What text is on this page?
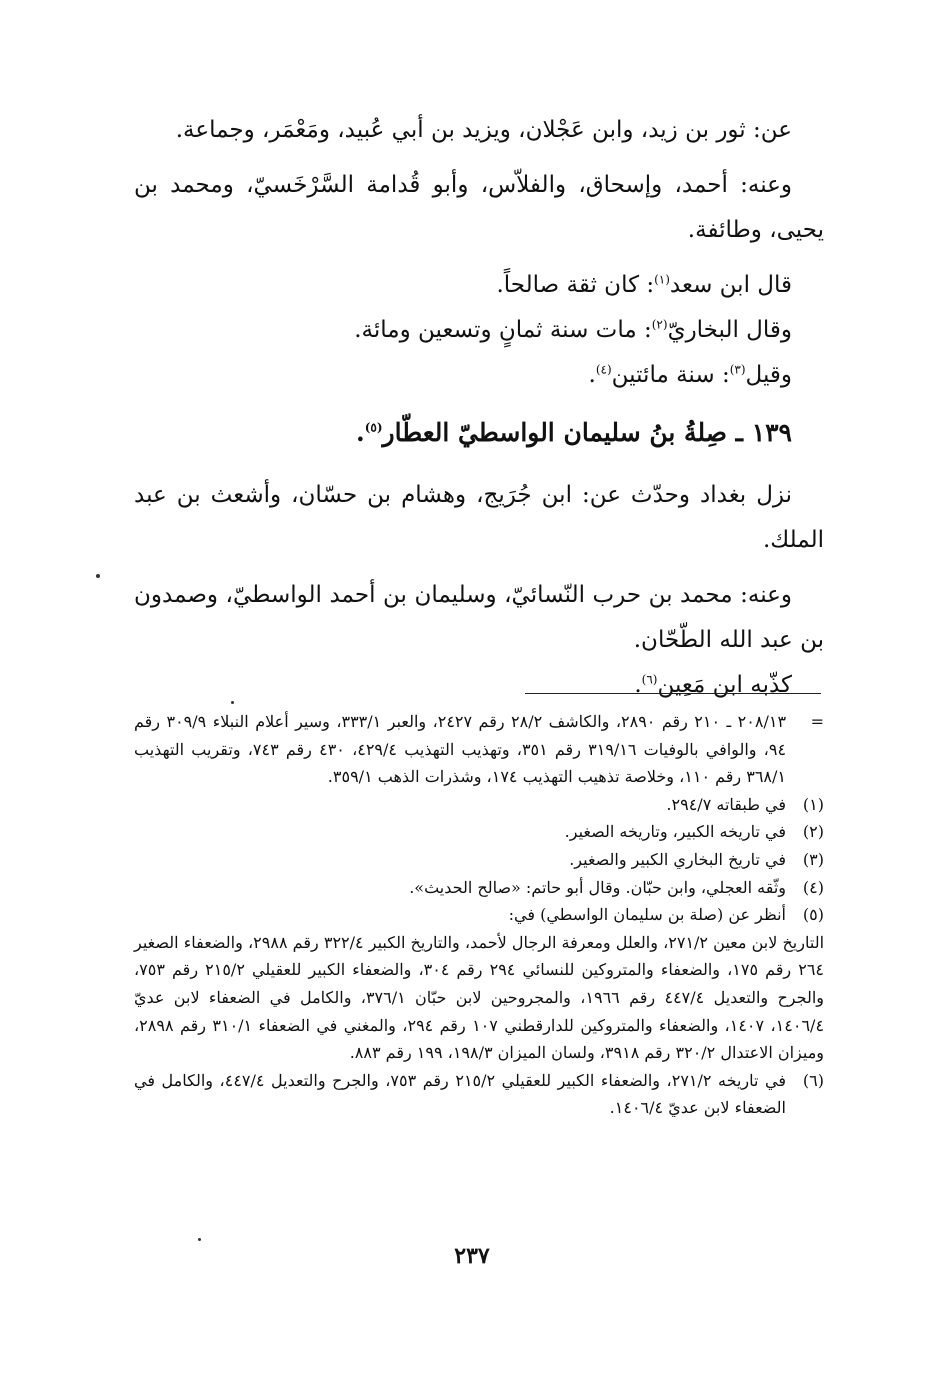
عن: ثور بن زيد، وابن عَجْلان، ويزيد بن أبي عُبيد، ومَعْمَر، وجماعة.

وعنه: أحمد، وإسحاق، والفلاّس، وأبو قُدامة السَّرْخَسيّ، ومحمد بن يحيى، وطائفة.

قال ابن سعد$^{(١)}$: كان ثقة صالحاً.

وقال البخاريّ$^{(٢)}$: مات سنة ثمانٍ وتسعين ومائة.

وقيل$^{(٣)}$: سنة مائتين$^{(٤)}$.

١٣٩ ـ صِلةُ بنُ سليمان الواسطيّ العطّار$^{(٥)}$.

نزل بغداد وحدّث عن: ابن جُرَيج، وهشام بن حسّان، وأشعث بن عبد الملك.

وعنه: محمد بن حرب النّسائيّ، وسليمان بن أحمد الواسطيّ، وصمدون بن عبد الله الطّحّان.

كذّبه ابن مَعِين$^{(٦)}$.

=
٢٠٨/١٣ ـ ٢١٠ رقم ٢٨٩٠، والكاشف ٢٨/٢ رقم ٢٤٢٧، والعبر ٣٣٣/١، وسير أعلام النبلاء ٣٠٩/٩ رقم ٩٤، والوافي بالوفيات ٣١٩/١٦ رقم ٣٥١، وتهذيب التهذيب ٤٢٩/٤، ٤٣٠ رقم ٧٤٣، وتقريب التهذيب ٣٦٨/١ رقم ١١٠، وخلاصة تذهيب التهذيب ١٧٤، وشذرات الذهب ٣٥٩/١.
(١)
في طبقاته ٢٩٤/٧.
(٢)
في تاريخه الكبير، وتاريخه الصغير.
(٣)
في تاريخ البخاري الكبير والصغير.
(٤)
وثّقه العجلي، وابن حبّان. وقال أبو حاتم: «صالح الحديث».
(٥)
أنظر عن (صلة بن سليمان الواسطي) في:

التاريخ لابن معين ٢٧١/٢، والعلل ومعرفة الرجال لأحمد، والتاريخ الكبير ٣٢٢/٤ رقم ٢٩٨٨، والضعفاء الصغير ٢٦٤ رقم ١٧٥، والضعفاء والمتروكين للنسائي ٢٩٤ رقم ٣٠٤، والضعفاء الكبير للعقيلي ٢١٥/٢ رقم ٧٥٣، والجرح والتعديل ٤٤٧/٤ رقم ١٩٦٦، والمجروحين لابن حبّان ٣٧٦/١، والكامل في الضعفاء لابن عديّ ١٤٠٦/٤، ١٤٠٧، والضعفاء والمتروكين للدارقطني ١٠٧ رقم ٢٩٤، والمغني في الضعفاء ٣١٠/١ رقم ٢٨٩٨، وميزان الاعتدال ٣٢٠/٢ رقم ٣٩١٨، ولسان الميزان ١٩٨/٣، ١٩٩ رقم ٨٨٣.

(٦)
في تاريخه ٢٧١/٢، والضعفاء الكبير للعقيلي ٢١٥/٢ رقم ٧٥٣، والجرح والتعديل ٤٤٧/٤، والكامل في الضعفاء لابن عديّ ١٤٠٦/٤.
٢٣٧
